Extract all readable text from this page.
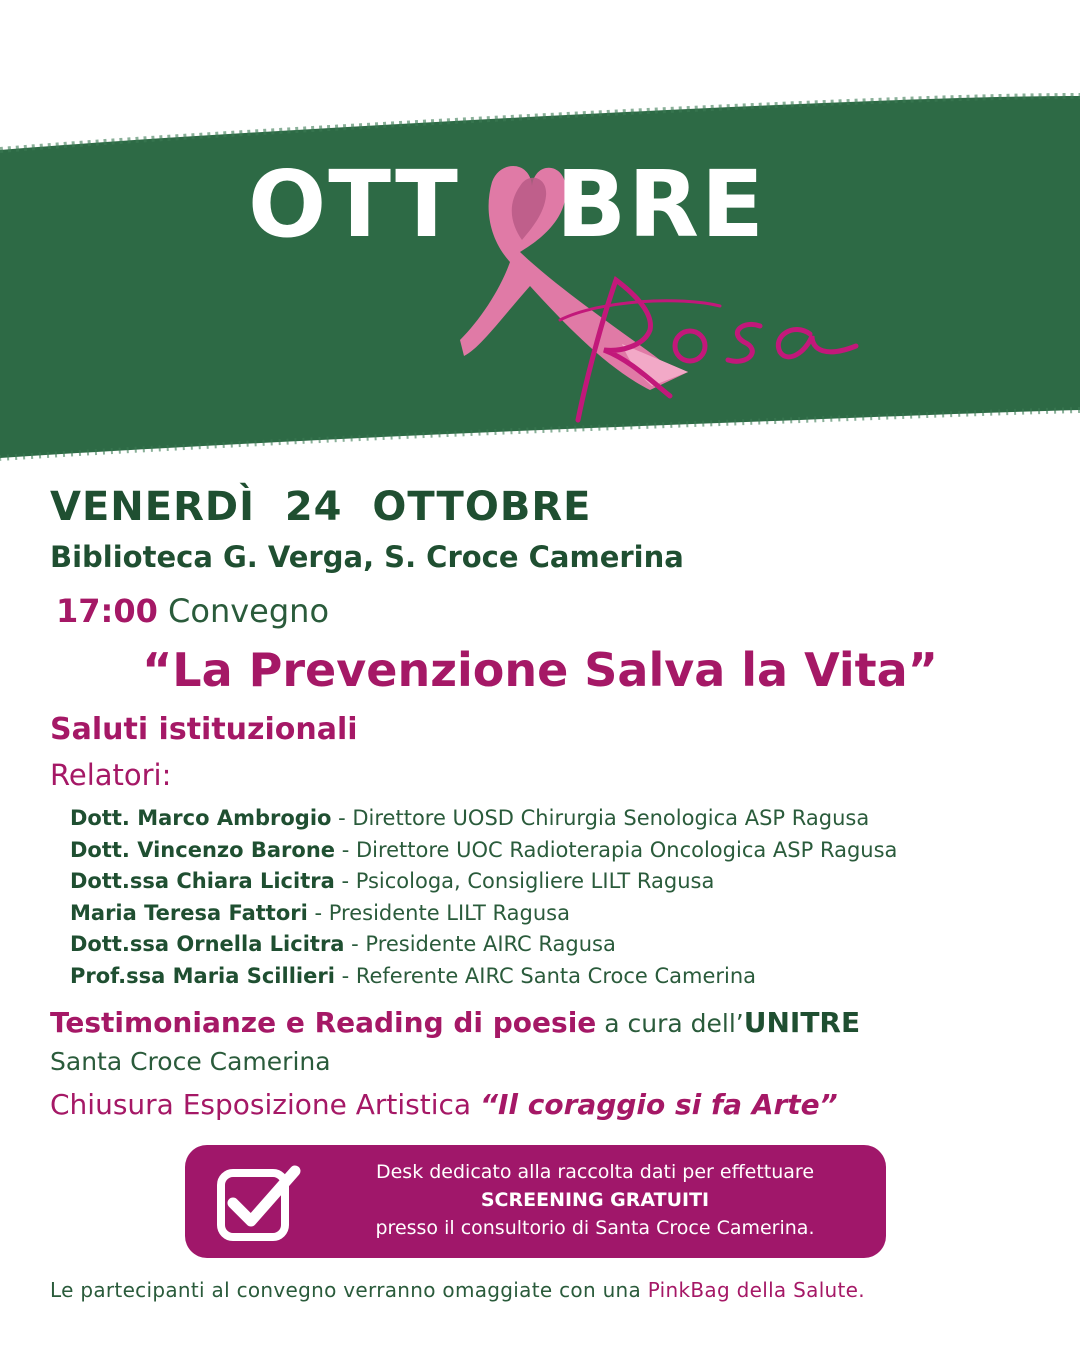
OTT BRE
VENERDÌ  24  OTTOBRE
Biblioteca G. Verga, S. Croce Camerina
17:00 Convegno
“La Prevenzione Salva la Vita”
Saluti istituzionali
Relatori:
Dott. Marco Ambrogio - Direttore UOSD Chirurgia Senologica ASP Ragusa
Dott. Vincenzo Barone - Direttore UOC Radioterapia Oncologica ASP Ragusa
Dott.ssa Chiara Licitra - Psicologa, Consigliere LILT Ragusa
Maria Teresa Fattori - Presidente LILT Ragusa
Dott.ssa Ornella Licitra - Presidente AIRC Ragusa
Prof.ssa Maria Scillieri - Referente AIRC Santa Croce Camerina
Testimonianze e Reading di poesie a cura dell’UNITRE
Santa Croce Camerina
Chiusura Esposizione Artistica “Il coraggio si fa Arte”
Desk dedicato alla raccolta dati per effettuare
SCREENING GRATUITI
presso il consultorio di Santa Croce Camerina.
Le partecipanti al convegno verranno omaggiate con una PinkBag della Salute.
